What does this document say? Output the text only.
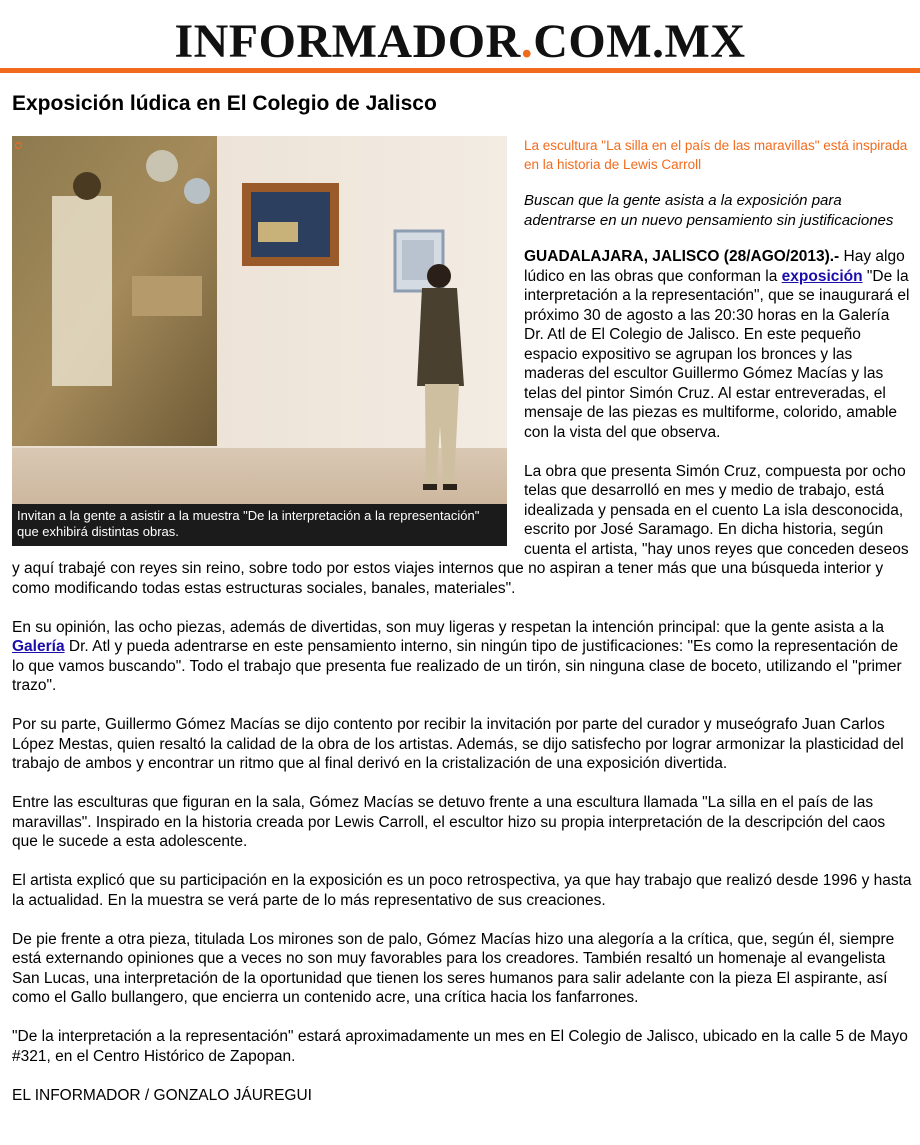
INFORMADOR.COM.MX
Exposición lúdica en El Colegio de Jalisco
Invitan a la gente a asistir a la muestra "De la interpretación a la representación" que exhibirá distintas obras.

La escultura "La silla en el país de las maravillas" está inspirada en la historia de Lewis Carroll

Buscan que la gente asista a la exposición para adentrarse en un nuevo pensamiento sin justificaciones

GUADALAJARA, JALISCO (28/AGO/2013).- Hay algo lúdico en las obras que conforman la exposición "De la interpretación a la representación", que se inaugurará el próximo 30 de agosto a las 20:30 horas en la Galería Dr. Atl de El Colegio de Jalisco. En este pequeño espacio expositivo se agrupan los bronces y las maderas del escultor Guillermo Gómez Macías y las telas del pintor Simón Cruz. Al estar entreveradas, el mensaje de las piezas es multiforme, colorido, amable con la vista del que observa.

La obra que presenta Simón Cruz, compuesta por ocho telas que desarrolló en mes y medio de trabajo, está idealizada y pensada en el cuento La isla desconocida, escrito por José Saramago. En dicha historia, según cuenta el artista, "hay unos reyes que conceden deseos y aquí trabajé con reyes sin reino, sobre todo por estos viajes internos que no aspiran a tener más que una búsqueda interior y como modificando todas estas estructuras sociales, banales, materiales".

En su opinión, las ocho piezas, además de divertidas, son muy ligeras y respetan la intención principal: que la gente asista a la Galería Dr. Atl y pueda adentrarse en este pensamiento interno, sin ningún tipo de justificaciones: "Es como la representación de lo que vamos buscando". Todo el trabajo que presenta fue realizado de un tirón, sin ninguna clase de boceto, utilizando el "primer trazo".

Por su parte, Guillermo Gómez Macías se dijo contento por recibir la invitación por parte del curador y museógrafo Juan Carlos López Mestas, quien resaltó la calidad de la obra de los artistas. Además, se dijo satisfecho por lograr armonizar la plasticidad del trabajo de ambos y encontrar un ritmo que al final derivó en la cristalización de una exposición divertida.

Entre las esculturas que figuran en la sala, Gómez Macías se detuvo frente a una escultura llamada "La silla en el país de las maravillas". Inspirado en la historia creada por Lewis Carroll, el escultor hizo su propia interpretación de la descripción del caos que le sucede a esta adolescente.

El artista explicó que su participación en la exposición es un poco retrospectiva, ya que hay trabajo que realizó desde 1996 y hasta la actualidad. En la muestra se verá parte de lo más representativo de sus creaciones.

De pie frente a otra pieza, titulada Los mirones son de palo, Gómez Macías hizo una alegoría a la crítica, que, según él, siempre está externando opiniones que a veces no son muy favorables para los creadores. También resaltó un homenaje al evangelista San Lucas, una interpretación de la oportunidad que tienen los seres humanos para salir adelante con la pieza El aspirante, así como el Gallo bullangero, que encierra un contenido acre, una crítica hacia los fanfarrones.

"De la interpretación a la representación" estará aproximadamente un mes en El Colegio de Jalisco, ubicado en la calle 5 de Mayo #321, en el Centro Histórico de Zapopan.

EL INFORMADOR / GONZALO JÁUREGUI
